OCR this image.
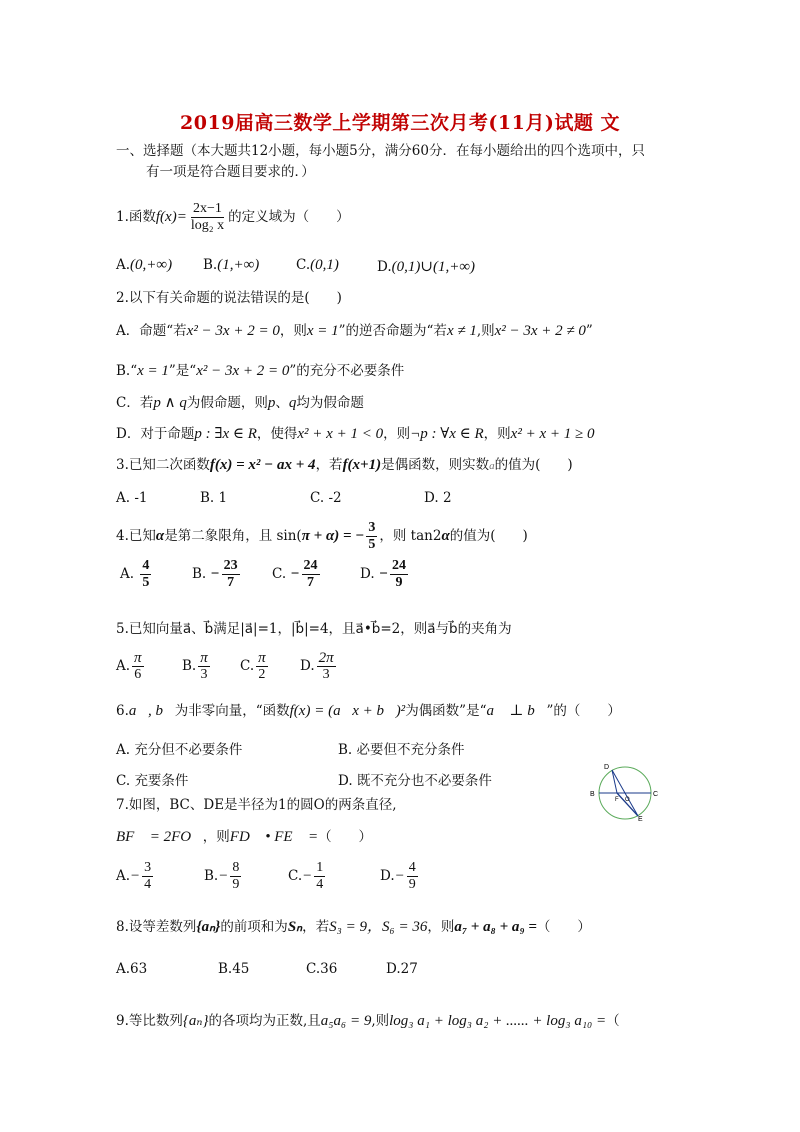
2019届高三数学上学期第三次月考(11月)试题 文
一、选择题（本大题共12小题，每小题5分，满分60分．在每小题给出的四个选项中，只
有一项是符合题目要求的．）
1.函数$f(x)= \frac{2x-1}{\text{log₂ x}}$ 的定义域为（　　）
A.(0,+∞) B.(1,+∞)	C.(0,1)	D.(0,1)∪(1,+∞)
2.以下有关命题的说法错误的是(　　)
A．命题“若x² − 3x + 2 = 0，则x = 1”的逆否命题为“若x ≠ 1,则x² − 3x + 2 ≠ 0”
B.“x = 1”是“x² − 3x + 2 = 0”的充分不必要条件
C．若p ∧ q为假命题，则p、q均为假命题
D．对于命题p : ∃x ∈ R，使得x² + x + 1 < 0，则¬p : ∀x ∈ R，则x² + x + 1 ≥ 0
3.已知二次函数f(x) = x² − ax + 4，若f(x+1)是偶函数，则实数a的值为(　　)
A. -1	B. 1	C. -2	D. 2
4.已知α是第二象限角，且 sin(π + α) = − $\frac{3}{5}$ ，则 tan2α的值为(　　)
A. $\frac{4}{5}$	B. − $\frac{23}{7} C$. − $\frac{24}{7}$	D. − $\frac{24}{9}$
5.已知向量a⃗、b⃗满足|a⃗|=1，|b⃗|=4，且a⃗•b⃗=2，则a⃗与b⃗的夹角为
A. $\frac{\pi}{6}$	B. $\frac{\pi}{3} C$. $\frac{\pi}{2} D$. $\frac{2\pi}{3}$
6.a⃗, b⃗为非零向量，“函数f(x) = (a⃗x + b⃗)²为偶函数”是“a⃗ ⊥ b⃗”的（　　）
A. 充分但不必要条件	B. 必要但不充分条件
C. 充要条件	D. 既不充分也不必要条件
D
B
F O
C
E
7.如图，BC、DE是半径为1的圆O的两条直径,
BF⃗ = 2FO⃗，则FD⃗ • FE⃗ =（　　）
$A.- \frac{3}{4}$	$B.- \frac{8}{9}$	$C.- \frac{1}{4}$	$D.- \frac{4}{9}$
8.设等差数列{aₙ}的前项和为Sₙ，若S₃ = 9，S₆ = 36，则a₇ + a₈ + a₉ =（　　）
A.63	B.45	C.36	D.27
9.等比数列{aₙ}的各项均为正数,且a₅a₆ = 9,则log₃ a₁ + log₃ a₂ + ...... + log₃ a₁₀ =（
